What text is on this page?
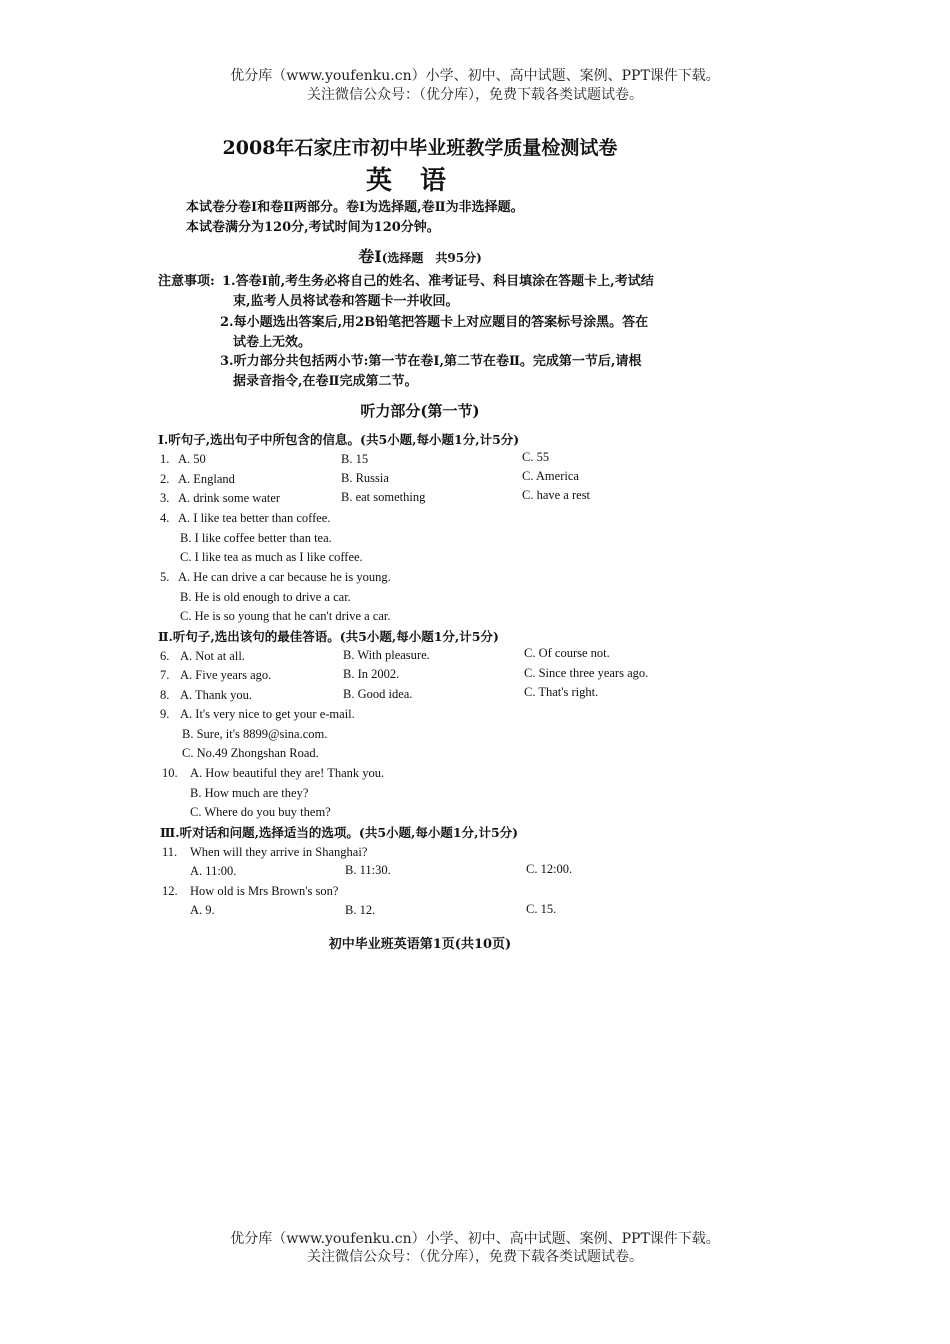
优分库（www.youfenku.cn）小学、初中、高中试题、案例、PPT课件下载。
关注微信公众号：（优分库），免费下载各类试题试卷。
2008年石家庄市初中毕业班教学质量检测试卷
英语
本试卷分卷Ⅰ和卷Ⅱ两部分。卷Ⅰ为选择题,卷Ⅱ为非选择题。
本试卷满分为120分,考试时间为120分钟。
卷Ⅰ(选择题　共95分)
注意事项: 1.答卷Ⅰ前,考生务必将自己的姓名、准考证号、科目填涂在答题卡上,考试结
束,监考人员将试卷和答题卡一并收回。
2.每小题选出答案后,用2B铅笔把答题卡上对应题目的答案标号涂黑。答在
试卷上无效。
3.听力部分共包括两小节:第一节在卷Ⅰ,第二节在卷Ⅱ。完成第一节后,请根
据录音指令,在卷Ⅱ完成第二节。
听力部分(第一节)
Ⅰ.听句子,选出句子中所包含的信息。(共5小题,每小题1分,计5分)
1. A. 50	B. 15	C. 55
2. A. England	B. Russia	C. America
3. A. drink some water	B. eat something	C. have a rest
4. A. I like tea better than coffee.
B. I like coffee better than tea.
C. I like tea as much as I like coffee.
5. A. He can drive a car because he is young.
B. He is old enough to drive a car.
C. He is so young that he can't drive a car.
Ⅱ.听句子,选出该句的最佳答语。(共5小题,每小题1分,计5分)
6. A. Not at all.	B. With pleasure.	C. Of course not.
7. A. Five years ago.	B. In 2002.	C. Since three years ago.
8. A. Thank you.	B. Good idea.	C. That's right.
9. A. It's very nice to get your e-mail.
B. Sure, it's 8899@sina.com.
C. No.49 Zhongshan Road.
10. A. How beautiful they are! Thank you.
B. How much are they?
C. Where do you buy them?
Ⅲ.听对话和问题,选择适当的选项。(共5小题,每小题1分,计5分)
11. When will they arrive in Shanghai?
A. 11:00.	B. 11:30.	C. 12:00.
12. How old is Mrs Brown's son?
A. 9.	B. 12.	C. 15.
初中毕业班英语第1页(共10页)
优分库（www.youfenku.cn）小学、初中、高中试题、案例、PPT课件下载。
关注微信公众号：（优分库），免费下载各类试题试卷。
